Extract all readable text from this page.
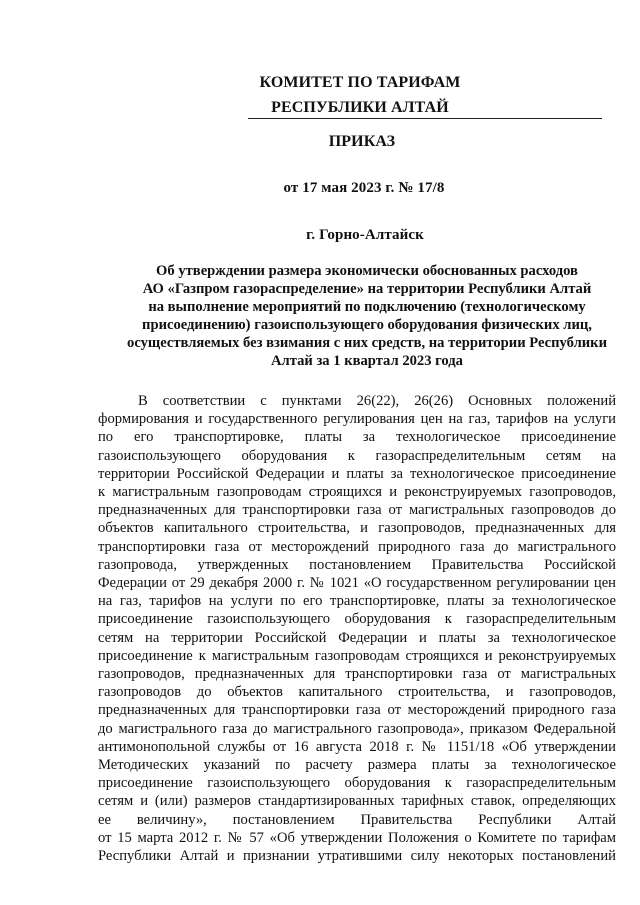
КОМИТЕТ ПО ТАРИФАМ
РЕСПУБЛИКИ АЛТАЙ
ПРИКАЗ
от 17 мая 2023 г. № 17/8
г. Горно-Алтайск
Об утверждении размера экономически обоснованных расходов
АО «Газпром газораспределение» на территории Республики Алтай
на выполнение мероприятий по подключению (технологическому
присоединению) газоиспользующего оборудования физических лиц,
осуществляемых без взимания с них средств, на территории Республики
Алтай за 1 квартал 2023 года
В соответствии с пунктами 26(22), 26(26) Основных положений
формирования и государственного регулирования цен на газ, тарифов на услуги
по его транспортировке, платы за технологическое присоединение
газоиспользующего оборудования к газораспределительным сетям на
территории Российской Федерации и платы за технологическое присоединение
к магистральным газопроводам строящихся и реконструируемых газопроводов,
предназначенных для транспортировки газа от магистральных газопроводов до
объектов капитального строительства, и газопроводов, предназначенных для
транспортировки газа от месторождений природного газа до магистрального
газопровода, утвержденных постановлением Правительства Российской
Федерации от 29 декабря 2000 г. № 1021 «О государственном регулировании цен
на газ, тарифов на услуги по его транспортировке, платы за технологическое
присоединение газоиспользующего оборудования к газораспределительным
сетям на территории Российской Федерации и платы за технологическое
присоединение к магистральным газопроводам строящихся и реконструируемых
газопроводов, предназначенных для транспортировки газа от магистральных
газопроводов до объектов капитального строительства, и газопроводов,
предназначенных для транспортировки газа от месторождений природного газа
до магистрального газа до магистрального газопровода», приказом Федеральной
антимонопольной службы от 16 августа 2018 г. № 1151/18 «Об утверждении
Методических указаний по расчету размера платы за технологическое
присоединение газоиспользующего оборудования к газораспределительным
сетям и (или) размеров стандартизированных тарифных ставок, определяющих
ее величину», постановлением Правительства Республики Алтай
от 15 марта 2012 г. № 57 «Об утверждении Положения о Комитете по тарифам
Республики Алтай и признании утратившими силу некоторых постановлений
